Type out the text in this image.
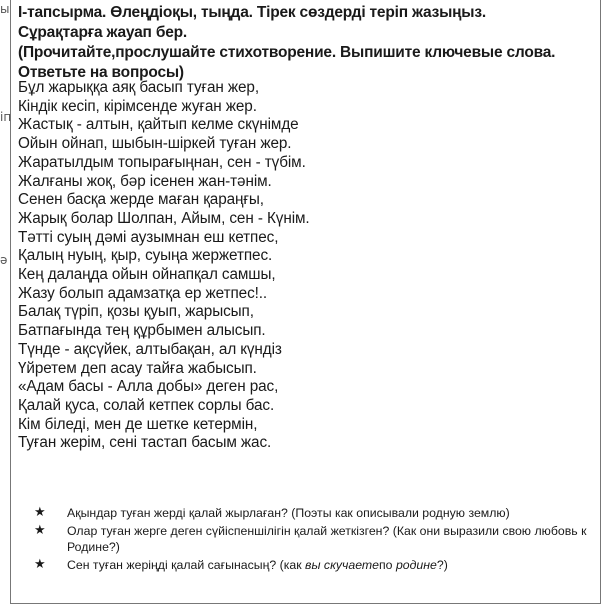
ы
іп
ә
І-тапсырма. Өлеңдіоқы, тыңда. Тірек сөздерді теріп жазыңыз.
Сұрақтарға жауап бер.
(Прочитайте,прослушайте стихотворение. Выпишите ключевые слова.
Ответьте на вопросы)
Бұл жарыққа аяқ басып туған жер,
Кіндік кесіп, кірімсенде жуған жер.
Жастық - алтын, қайтып келме скүнімде
Ойын ойнап, шыбын-шіркей туған жер.
Жаратылдым топырағыңнан, сен - түбім.
Жалғаны жоқ, бәр ісенен жан-тәнім.
Сенен басқа жерде маған қараңғы,
Жарық болар Шолпан, Айым, сен - Күнім.
Тәтті суың дәмі аузымнан еш кетпес,
Қалың нуың, қыр, суыңа жержетпес.
Кең далаңда ойын ойнапқал самшы,
Жазу болып адамзатқа ер жетпес!..
Балақ түріп, қозы қуып, жарысып,
Батпағында тең құрбымен алысып.
Түнде - ақсүйек, алтыбақан, ал күндіз
Үйретем деп асау тайға жабысып.
«Адам басы - Алла добы» деген рас,
Қалай қуса, солай кетпек сорлы бас.
Кім біледі, мен де шетке кетермін,
Туған жерім, сені тастап басым жас.
★ Ақындар туған жерді қалай жырлаған? (Поэты как описывали родную землю)
★ Олар туған жерге деген сүйіспеншілігін қалай жеткізген? (Как они выразили свою любовь к Родине?)
★ Сен туған жеріңді қалай сағынасың? (как вы скучаетепо родине?)
